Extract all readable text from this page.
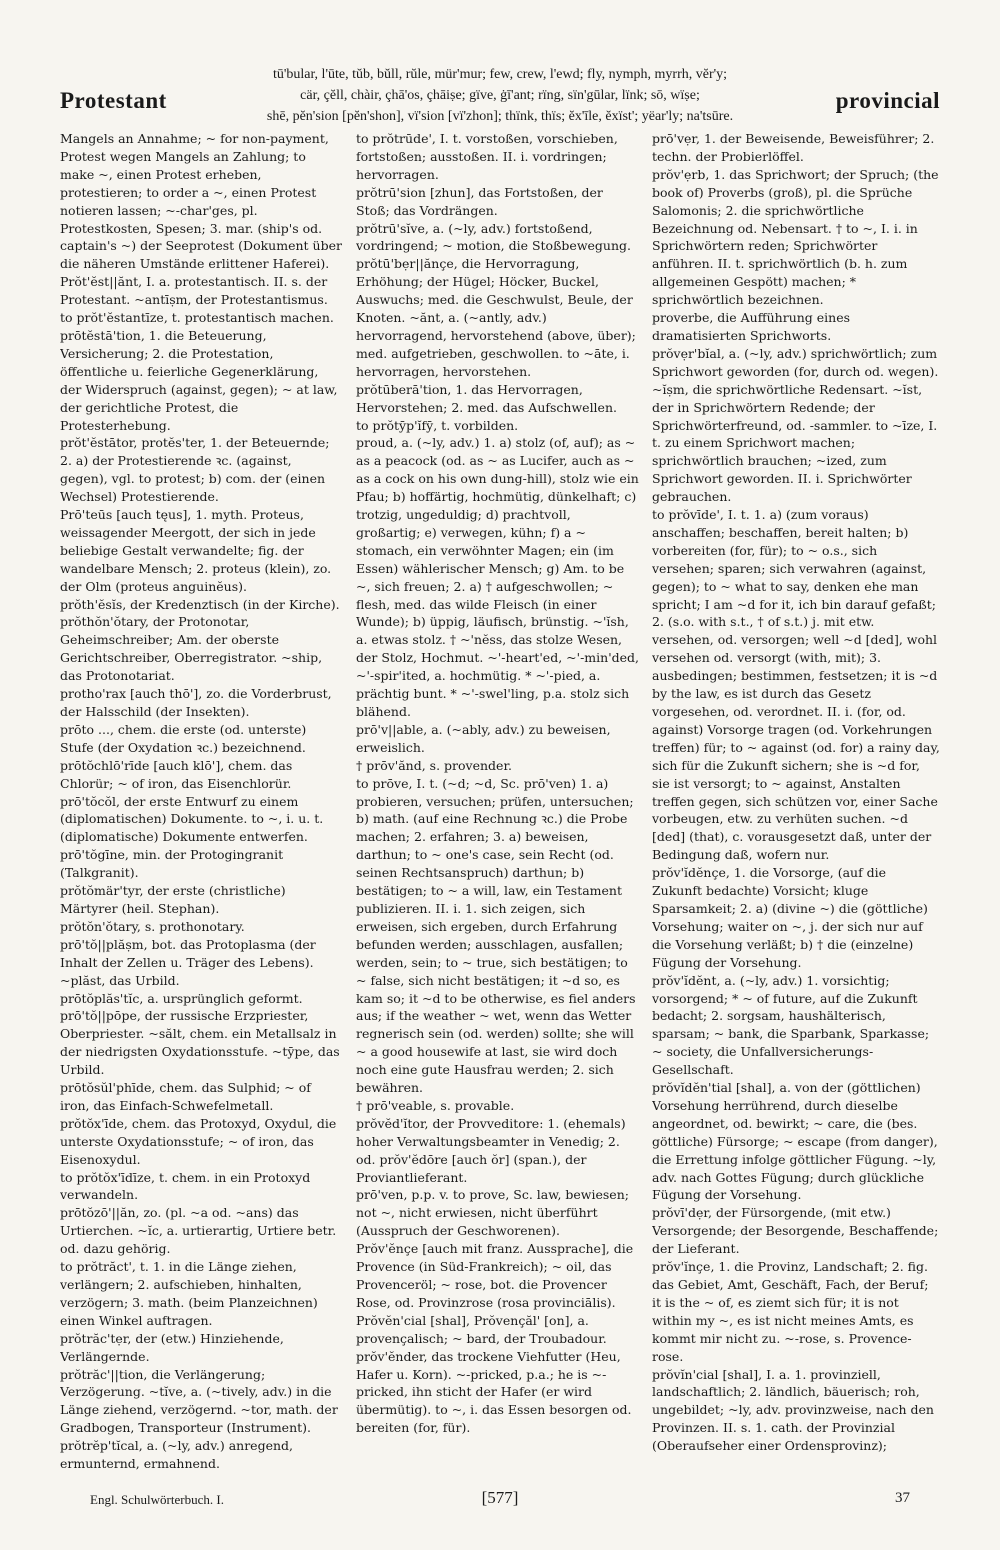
Protestant
tū'bular, l'ūte, tŭb, bŭll, rŭle, mür'mur; few, crew, l'ewd; fly, nymph, myrrh, vĕr'y;
cär, çĕll, chàir, çhā'os, çhāiṣe; gïve, ġī'ant; rïng, sïn'gūlar, lïnk; sō, wïṣe;
shē, pĕn'sion [pĕn'shon], vï'sion [vï'zhon]; thïnk, thïs; ĕx'īle, ĕxïst'; yëar'ly; na'tsūre.
provincial

Mangels an Annahme; ~ for non-payment, Protest wegen Mangels an Zahlung; to make ~, einen Protest erheben, protestieren; to order a ~, einen Protest notieren lassen; ~-char'ges, pl. Protestkosten, Spesen; 3. mar. (ship's od. captain's ~) der Seeprotest (Dokument über die näheren Umstände erlittener Haferei).

Prŏt'ĕst||ănt, I. a. protestantisch. II. s. der Protestant. ~antīṣm, der Protestantismus. to prŏt'ĕstantīze, t. protestantisch machen.

prōtĕstā'tion, 1. die Beteuerung, Versicherung; 2. die Protestation, öffentliche u. feierliche Gegenerklärung, der Widerspruch (against, gegen); ~ at law, der gerichtliche Protest, die Protesterhebung.

prŏt'ĕstātor, protĕs'ter, 1. der Beteuernde; 2. a) der Protestierende ꝛc. (against, gegen), vgl. to protest; b) com. der (einen Wechsel) Protestierende.

Prō'teūs [auch tęus], 1. myth. Proteus, weissagender Meergott, der sich in jede beliebige Gestalt verwandelte; fig. der wandelbare Mensch; 2. proteus (klein), zo. der Olm (proteus anguinĕus).

prŏth'ĕsĭs, der Kredenztisch (in der Kirche).

prŏthŏn'ŏtary, der Protonotar, Geheimschreiber; Am. der oberste Gerichtschreiber, Oberregistrator. ~ship, das Protonotariat.

protho'rax [auch thō'], zo. die Vorderbrust, der Halsschild (der Insekten).

prōto ..., chem. die erste (od. unterste) Stufe (der Oxydation ꝛc.) bezeichnend.

prōtŏchlō'rīde [auch klō'], chem. das Chlorür; ~ of iron, das Eisenchlorür.

prō'tŏcŏl, der erste Entwurf zu einem (diplomatischen) Dokumente. to ~, i. u. t. (diplomatische) Dokumente entwerfen.

prō'tŏgīne, min. der Protogingranit (Talkgranit).

prŏtŏmär'tyr, der erste (christliche) Märtyrer (heil. Stephan).

prŏtŏn'ŏtary, s. prothonotary.

prō'tŏ||plăṣm, bot. das Protoplasma (der Inhalt der Zellen u. Träger des Lebens). ~plăst, das Urbild.

prōtŏplăs'tĭc, a. ursprünglich geformt.

prō'tŏ||pōpe, der russische Erzpriester, Oberpriester. ~sălt, chem. ein Metallsalz in der niedrigsten Oxydationsstufe. ~tȳpe, das Urbild.

prōtŏsŭl'phīde, chem. das Sulphid; ~ of iron, das Einfach-Schwefelmetall.

prŏtŏx'īde, chem. das Protoxyd, Oxydul, die unterste Oxydationsstufe; ~ of iron, das Eisenoxydul.

to prŏtŏx'īdīze, t. chem. in ein Protoxyd verwandeln.

prōtŏzō'||ăn, zo. (pl. ~a od. ~ans) das Urtierchen. ~ĭc, a. urtierartig, Urtiere betr. od. dazu gehörig.

to prŏtrăct', t. 1. in die Länge ziehen, verlängern; 2. aufschieben, hinhalten, verzögern; 3. math. (beim Planzeichnen) einen Winkel auftragen.

prŏtrăc'tẹr, der (etw.) Hinziehende, Verlängernde.

prŏtrăc'||tion, die Verlängerung; Verzögerung. ~tĭve, a. (~tively, adv.) in die Länge ziehend, verzögernd. ~tor, math. der Gradbogen, Transporteur (Instrument).

prŏtrĕp'tĭcal, a. (~ly, adv.) anregend, ermunternd, ermahnend.

to prŏtrūde', I. t. vorstoßen, vorschieben, fortstoßen; ausstoßen. II. i. vordringen; hervorragen.

prŏtrū'sion [zhun], das Fortstoßen, der Stoß; das Vordrängen.

prŏtrū'sĭve, a. (~ly, adv.) fortstoßend, vordringend; ~ motion, die Stoßbewegung.

prŏtū'bẹr||ănçe, die Hervorragung, Erhöhung; der Hügel; Höcker, Buckel, Auswuchs; med. die Geschwulst, Beule, der Knoten. ~ănt, a. (~antly, adv.) hervorragend, hervorstehend (above, über); med. aufgetrieben, geschwollen. to ~āte, i. hervorragen, hervorstehen.

prŏtūberā'tion, 1. das Hervorragen, Hervorstehen; 2. med. das Aufschwellen.

to prŏtȳp'ĭfȳ, t. vorbilden.

proud, a. (~ly, adv.) 1. a) stolz (of, auf); as ~ as a peacock (od. as ~ as Lucifer, auch as ~ as a cock on his own dung-hill), stolz wie ein Pfau; b) hoffärtig, hochmütig, dünkelhaft; c) trotzig, ungeduldig; d) prachtvoll, großartig; e) verwegen, kühn; f) a ~ stomach, ein verwöhnter Magen; ein (im Essen) wählerischer Mensch; g) Am. to be ~, sich freuen; 2. a) † aufgeschwollen; ~ flesh, med. das wilde Fleisch (in einer Wunde); b) üppig, läufisch, brünstig. ~'ĭsh, a. etwas stolz. † ~'nĕss, das stolze Wesen, der Stolz, Hochmut. ~'-heart'ed, ~'-min'ded, ~'-spir'ited, a. hochmütig. * ~'-pied, a. prächtig bunt. * ~'-swel'ling, p.a. stolz sich blähend.

prō'v||able, a. (~ably, adv.) zu beweisen, erweislich.

† prōv'ănd, s. provender.

to prōve, I. t. (~d; ~d, Sc. prō'ven) 1. a) probieren, versuchen; prüfen, untersuchen; b) math. (auf eine Rechnung ꝛc.) die Probe machen; 2. erfahren; 3. a) beweisen, darthun; to ~ one's case, sein Recht (od. seinen Rechtsanspruch) darthun; b) bestätigen; to ~ a will, law, ein Testament publizieren. II. i. 1. sich zeigen, sich erweisen, sich ergeben, durch Erfahrung befunden werden; ausschlagen, ausfallen; werden, sein; to ~ true, sich bestätigen; to ~ false, sich nicht bestätigen; it ~d so, es kam so; it ~d to be otherwise, es fiel anders aus; if the weather ~ wet, wenn das Wetter regnerisch sein (od. werden) sollte; she will ~ a good housewife at last, sie wird doch noch eine gute Hausfrau werden; 2. sich bewähren.

† prō'veable, s. provable.

prŏvĕd'ĭtor, der Provveditore: 1. (ehemals) hoher Verwaltungsbeamter in Venedig; 2. od. prŏv'ĕdōre [auch ŏr] (span.), der Proviantlieferant.

prō'ven, p.p. v. to prove, Sc. law, bewiesen; not ~, nicht erwiesen, nicht überführt (Ausspruch der Geschworenen).

Prŏv'ĕnçe [auch mit franz. Aussprache], die Provence (in Süd-Frankreich); ~ oil, das Provenceröl; ~ rose, bot. die Provencer Rose, od. Provinzrose (rosa provinciālis).

Prŏvĕn'cial [shal], Prŏvençăl' [on], a. provençalisch; ~ bard, der Troubadour.

prŏv'ĕnder, das trockene Viehfutter (Heu, Hafer u. Korn). ~-pricked, p.a.; he is ~-pricked, ihn sticht der Hafer (er wird übermütig). to ~, i. das Essen besorgen od. bereiten (for, für).

prō'vẹr, 1. der Beweisende, Beweisführer; 2. techn. der Probierlöffel.

prŏv'ẹrb, 1. das Sprichwort; der Spruch; (the book of) Proverbs (groß), pl. die Sprüche Salomonis; 2. die sprichwörtliche Bezeichnung od. Nebensart. † to ~, I. i. in Sprichwörtern reden; Sprichwörter anführen. II. t. sprichwörtlich (b. h. zum allgemeinen Gespött) machen; * sprichwörtlich bezeichnen.

proverbe, die Aufführung eines dramatisierten Sprichworts.

prŏvẹr'bĭal, a. (~ly, adv.) sprichwörtlich; zum Sprichwort geworden (for, durch od. wegen). ~ĭṣm, die sprichwörtliche Redensart. ~ĭst, der in Sprichwörtern Redende; der Sprichwörterfreund, od. -sammler. to ~īze, I. t. zu einem Sprichwort machen; sprichwörtlich brauchen; ~ized, zum Sprichwort geworden. II. i. Sprichwörter gebrauchen.

to prŏvīde', I. t. 1. a) (zum voraus) anschaffen; beschaffen, bereit halten; b) vorbereiten (for, für); to ~ o.s., sich versehen; sparen; sich verwahren (against, gegen); to ~ what to say, denken ehe man spricht; I am ~d for it, ich bin darauf gefaßt; 2. (s.o. with s.t., † of s.t.) j. mit etw. versehen, od. versorgen; well ~d [ded], wohl versehen od. versorgt (with, mit); 3. ausbedingen; bestimmen, festsetzen; it is ~d by the law, es ist durch das Gesetz vorgesehen, od. verordnet. II. i. (for, od. against) Vorsorge tragen (od. Vorkehrungen treffen) für; to ~ against (od. for) a rainy day, sich für die Zukunft sichern; she is ~d for, sie ist versorgt; to ~ against, Anstalten treffen gegen, sich schützen vor, einer Sache vorbeugen, etw. zu verhüten suchen. ~d [ded] (that), c. vorausgesetzt daß, unter der Bedingung daß, wofern nur.

prŏv'ĭdĕnçe, 1. die Vorsorge, (auf die Zukunft bedachte) Vorsicht; kluge Sparsamkeit; 2. a) (divine ~) die (göttliche) Vorsehung; waiter on ~, j. der sich nur auf die Vorsehung verläßt; b) † die (einzelne) Fügung der Vorsehung.

prŏv'ĭdĕnt, a. (~ly, adv.) 1. vorsichtig; vorsorgend; * ~ of future, auf die Zukunft bedacht; 2. sorgsam, haushälterisch, sparsam; ~ bank, die Sparbank, Sparkasse; ~ society, die Unfallversicherungs-Gesellschaft.

prŏvĭdĕn'tial [shal], a. von der (göttlichen) Vorsehung herrührend, durch dieselbe angeordnet, od. bewirkt; ~ care, die (bes. göttliche) Fürsorge; ~ escape (from danger), die Errettung infolge göttlicher Fügung. ~ly, adv. nach Gottes Fügung; durch glückliche Fügung der Vorsehung.

prŏvī'dẹr, der Fürsorgende, (mit etw.) Versorgende; der Besorgende, Beschaffende; der Lieferant.

prŏv'ĭnçe, 1. die Provinz, Landschaft; 2. fig. das Gebiet, Amt, Geschäft, Fach, der Beruf; it is the ~ of, es ziemt sich für; it is not within my ~, es ist nicht meines Amts, es kommt mir nicht zu. ~-rose, s. Provence-rose.

prŏvĭn'cial [shal], I. a. 1. provinziell, landschaftlich; 2. ländlich, bäuerisch; roh, ungebildet; ~ly, adv. provinzweise, nach den Provinzen. II. s. 1. cath. der Provinzial (Oberaufseher einer Ordensprovinz);

Engl. Schulwörterbuch. I.	[577]	37
